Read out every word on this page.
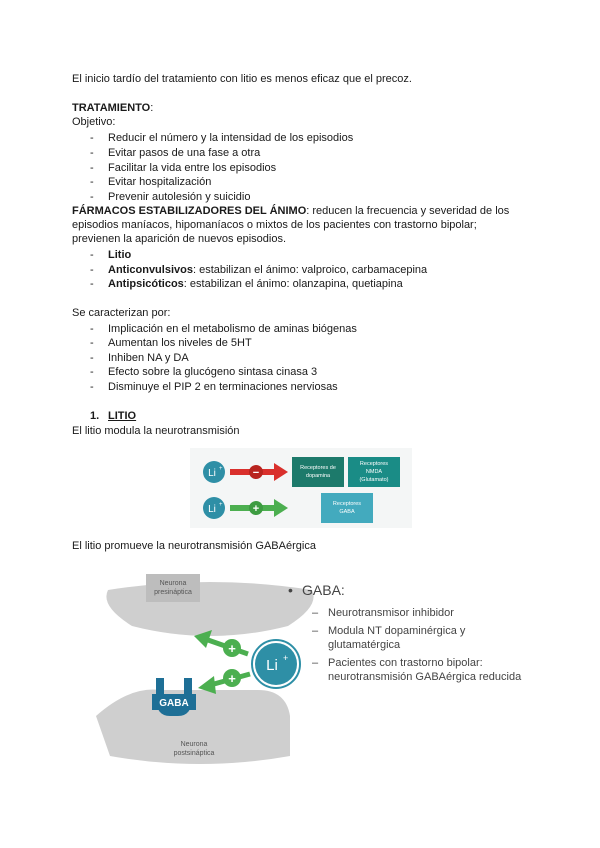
El inicio tardío del tratamiento con litio es menos eficaz que el precoz.
TRATAMIENTO:
Objetivo:
- Reducir el número y la intensidad de los episodios
- Evitar pasos de una fase a otra
- Facilitar la vida entre los episodios
- Evitar hospitalización
- Prevenir autolesión y suicidio
FÁRMACOS ESTABILIZADORES DEL ÁNIMO: reducen la frecuencia y severidad de los episodios maníacos, hipomaníacos o mixtos de los pacientes con trastorno bipolar; previenen la aparición de nuevos episodios.
- Litio
- Anticonvulsivos: estabilizan el ánimo: valproico, carbamacepina
- Antipsicóticos: estabilizan el ánimo: olanzapina, quetiapina
Se caracterizan por:
- Implicación en el metabolismo de aminas biógenas
- Aumentan los niveles de 5HT
- Inhiben NA y DA
- Efecto sobre la glucógeno sintasa cinasa 3
- Disminuye el PIP 2 en terminaciones nerviosas
1. LITIO
El litio modula la neurotransmisión
Li +	−	Receptores de
dopamina
Receptores
NMDA
(Glutamato)
Li +	+	Receptores
GABA
El litio promueve la neurotransmisión GABAérgica
Neurona
presináptica
Neurona
postsináptica
GABA
Li +
+
+
• GABA:
– Neurotransmisor inhibidor
– Modula NT dopaminérgica y
glutamatérgica
– Pacientes con trastorno bipolar:
neurotransmisión GABAérgica reducida
